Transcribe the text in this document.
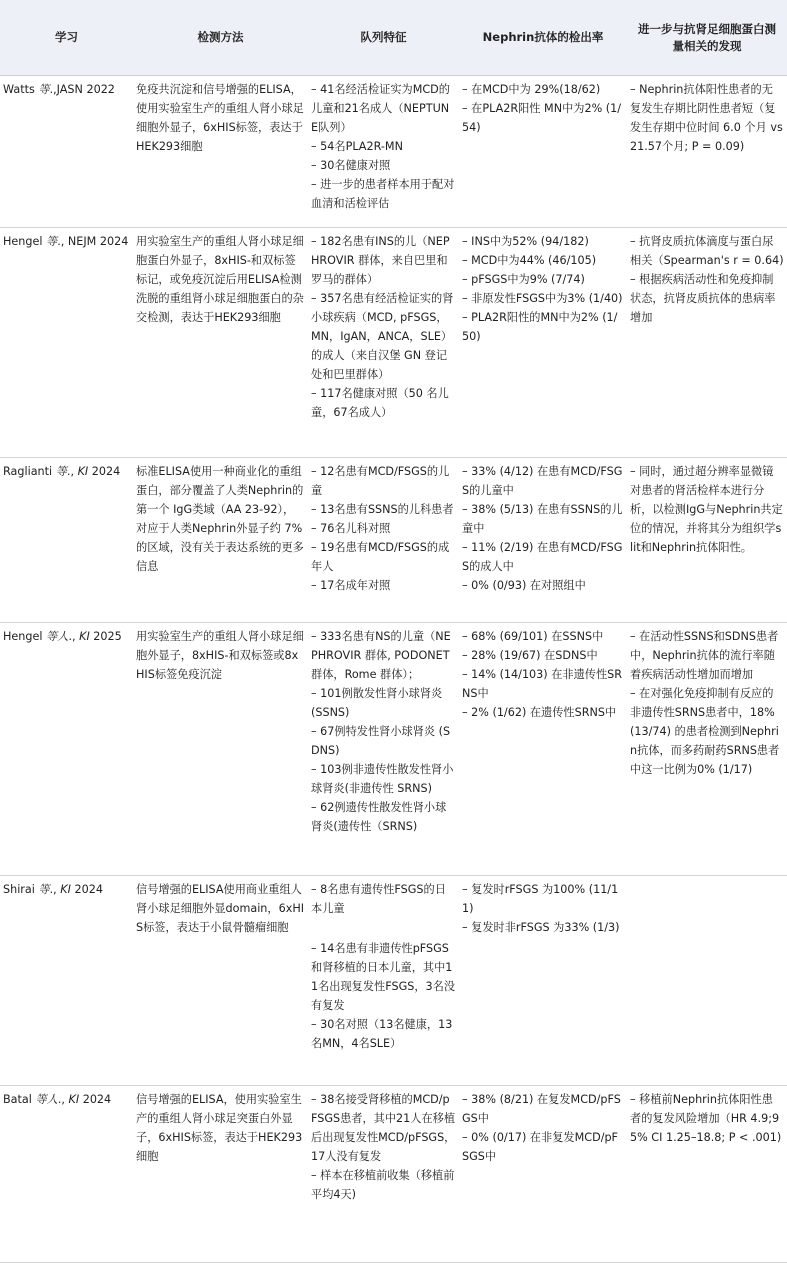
学习	检测方法	队列特征	Nephrin抗体的检出率	进一步与抗肾足细胞蛋白测量相关的发现
Watts 等.,JASN 2022	免疫共沉淀和信号增强的ELISA，使用实验室生产的重组人肾小球足细胞外显子，6xHIS标签，表达于HEK293细胞	– 41名经活检证实为MCD的儿童和21名成人（NEPTUNE队列）
– 54名PLA2R-MN
– 30名健康对照
– 进一步的患者样本用于配对血清和活检评估	– 在MCD中为 29%(18/62)
– 在PLA2R阳性 MN中为2% (1/54)	– Nephrin抗体阳性患者的无复发生存期比阴性患者短（复发生存期中位时间 6.0 个月 vs 21.57个月; P = 0.09)

Hengel 等., NEJM 2024	用实验室生产的重组人肾小球足细胞蛋白外显子，8xHIS-和双标签标记，或免疫沉淀后用ELISA检测洗脱的重组肾小球足细胞蛋白的杂交检测，表达于HEK293细胞	– 182名患有INS的儿（NEPHROVIR 群体，来自巴里和罗马的群体）
– 357名患有经活检证实的肾小球疾病（MCD, pFSGS，MN，IgAN，ANCA，SLE）的成人（来自汉堡 GN 登记处和巴里群体）
– 117名健康对照（50 名儿童，67名成人）	– INS中为52% (94/182)
– MCD中为44% (46/105)
– pFSGS中为9% (7/74)
– 非原发性FSGS中为3% (1/40)
– PLA2R阳性的MN中为2% (1/50)	– 抗肾皮质抗体滴度与蛋白尿相关（Spearman's r = 0.64)
– 根据疾病活动性和免疫抑制状态，抗肾皮质抗体的患病率增加

Raglianti 等., KI 2024	标准ELISA使用一种商业化的重组蛋白，部分覆盖了人类Nephrin的第一个 IgG类域（AA 23-92），对应于人类Nephrin外显子约 7%的区域，没有关于表达系统的更多信息	– 12名患有MCD/FSGS的儿童
– 13名患有SSNS的儿科患者
– 76名儿科对照
– 19名患有MCD/FSGS的成年人
– 17名成年对照	– 33% (4/12) 在患有MCD/FSGS的儿童中
– 38% (5/13) 在患有SSNS的儿童中
– 11% (2/19) 在患有MCD/FSGS的成人中
– 0% (0/93) 在对照组中	– 同时，通过超分辨率显微镜对患者的肾活检样本进行分析，以检测IgG与Nephrin共定位的情况，并将其分为组织学slit和Nephrin抗体阳性。

Hengel 等人., KI 2025	用实验室生产的重组人肾小球足细胞外显子，8xHIS-和双标签或8xHIS标签免疫沉淀	– 333名患有NS的儿童（NEPHROVIR 群体, PODONET 群体，Rome 群体）；
– 101例散发性肾小球肾炎 (SSNS)
– 67例特发性肾小球肾炎 (SDNS)
– 103例非遗传性散发性肾小球肾炎(非遗传性 SRNS)
– 62例遗传性散发性肾小球肾炎(遗传性（SRNS)	– 68% (69/101) 在SSNS中
– 28% (19/67) 在SDNS中
– 14% (14/103) 在非遗传性SRNS中
– 2% (1/62) 在遗传性SRNS中	– 在活动性SSNS和SDNS患者中，Nephrin抗体的流行率随着疾病活动性增加而增加
– 在对强化免疫抑制有反应的非遗传性SRNS患者中，18% (13/74) 的患者检测到Nephrin抗体，而多药耐药SRNS患者中这一比例为0% (1/17)

Shirai 等., KI 2024	信号增强的ELISA使用商业重组人肾小球足细胞外显domain，6xHIS标签，表达于小鼠骨髓瘤细胞	– 8名患有遗传性FSGS的日本儿童
– 14名患有非遗传性pFSGS和肾移植的日本儿童，其中11名出现复发性FSGS，3名没有复发
– 30名对照（13名健康，13名MN，4名SLE）	– 复发时rFSGS 为100% (11/11)
– 复发时非rFSGS 为33% (1/3)	

Batal 等人., KI 2024	信号增强的ELISA，使用实验室生产的重组人肾小球足突蛋白外显子，6xHIS标签，表达于HEK293细胞	– 38名接受肾移植的MCD/pFSGS患者，其中21人在移植后出现复发性MCD/pFSGS，17人没有复发
– 样本在移植前收集（移植前平均4天)	– 38% (8/21) 在复发MCD/pFSGS中
– 0% (0/17) 在非复发MCD/pFSGS中	– 移植前Nephrin抗体阳性患者的复发风险增加（HR 4.9;95% CI 1.25–18.8; P < .001)
